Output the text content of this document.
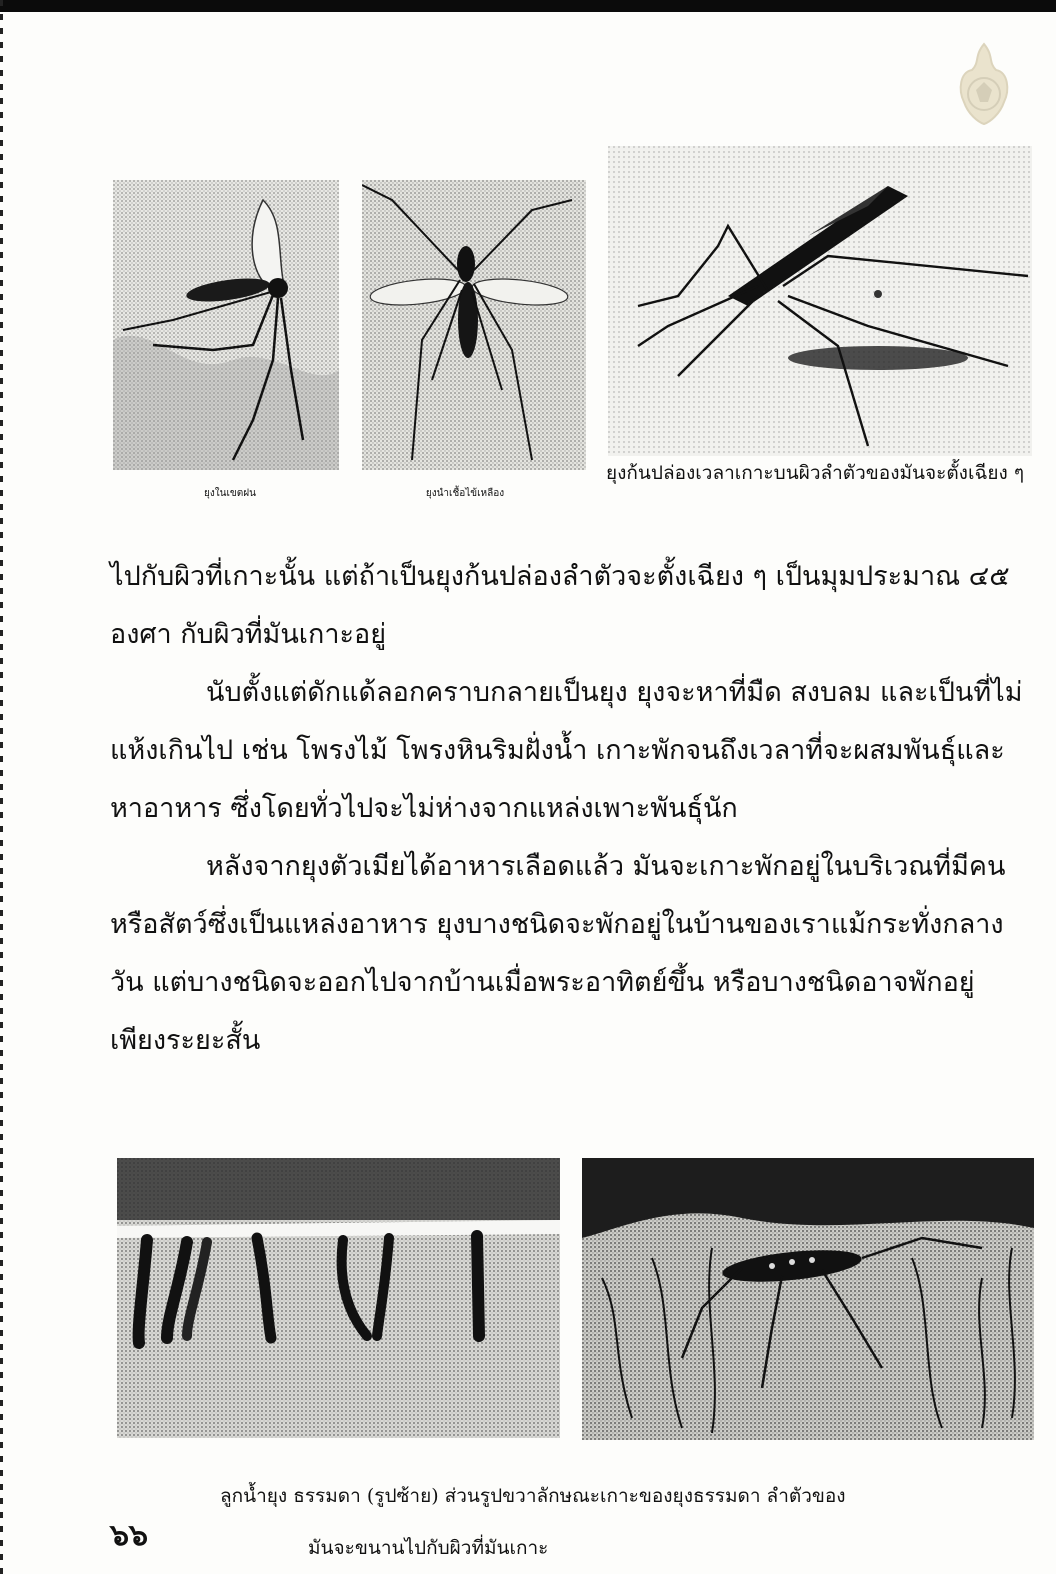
ยุงในเขตฝน	ยุงนำเชื้อไข้เหลือง
ยุงก้นปล่องเวลาเกาะบนผิวลำตัวของมันจะตั้งเฉียง ๆ

ไปกับผิวที่เกาะนั้น แต่ถ้าเป็นยุงก้นปล่องลำตัวจะตั้งเฉียง ๆ เป็นมุมประมาณ ๔๕ องศา กับผิวที่มันเกาะอยู่

นับตั้งแต่ดักแด้ลอกคราบกลายเป็นยุง ยุงจะหาที่มืด สงบลม และเป็นที่ไม่แห้งเกินไป เช่น โพรงไม้ โพรงหินริมฝั่งน้ำ เกาะพักจนถึงเวลาที่จะผสมพันธุ์และหาอาหาร ซึ่งโดยทั่วไปจะไม่ห่างจากแหล่งเพาะพันธุ์นัก

หลังจากยุงตัวเมียได้อาหารเลือดแล้ว มันจะเกาะพักอยู่ในบริเวณที่มีคนหรือสัตว์ซึ่งเป็นแหล่งอาหาร ยุงบางชนิดจะพักอยู่ในบ้านของเราแม้กระทั่งกลางวัน แต่บางชนิดจะออกไปจากบ้านเมื่อพระอาทิตย์ขึ้น หรือบางชนิดอาจพักอยู่เพียงระยะสั้น

ลูกน้ำยุง ธรรมดา (รูปซ้าย) ส่วนรูปขวาลักษณะเกาะของยุงธรรมดา ลำตัวของ
มันจะขนานไปกับผิวที่มันเกาะ
๖๖
